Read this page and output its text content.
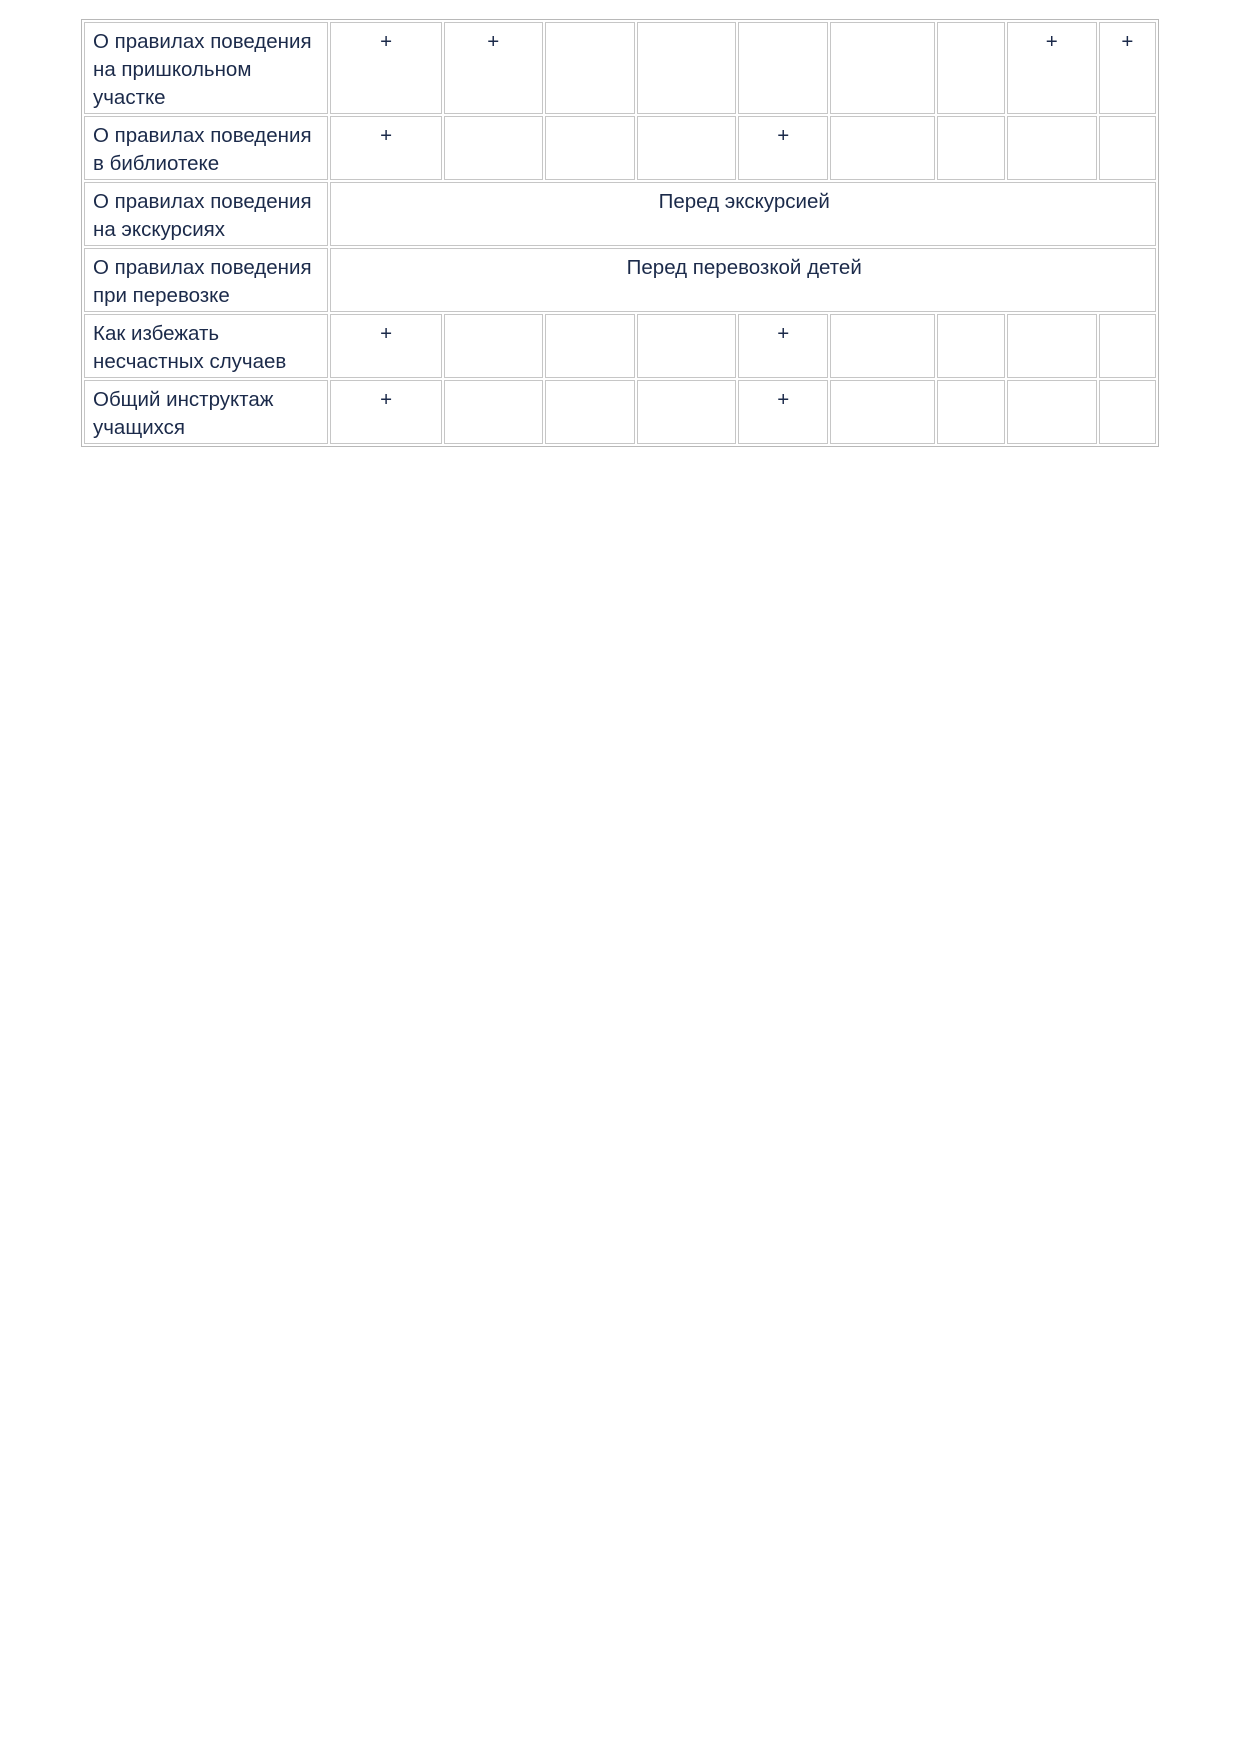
О правилах поведения на пришкольном участке	+	+						+	+
О правилах поведения в библиотеке	+				+				
О правилах поведения на экскурсиях	Перед экскурсией								
О правилах поведения при перевозке	Перед перевозкой детей								
Как избежать несчастных случаев	+				+				
Общий инструктаж учащихся	+				+				
